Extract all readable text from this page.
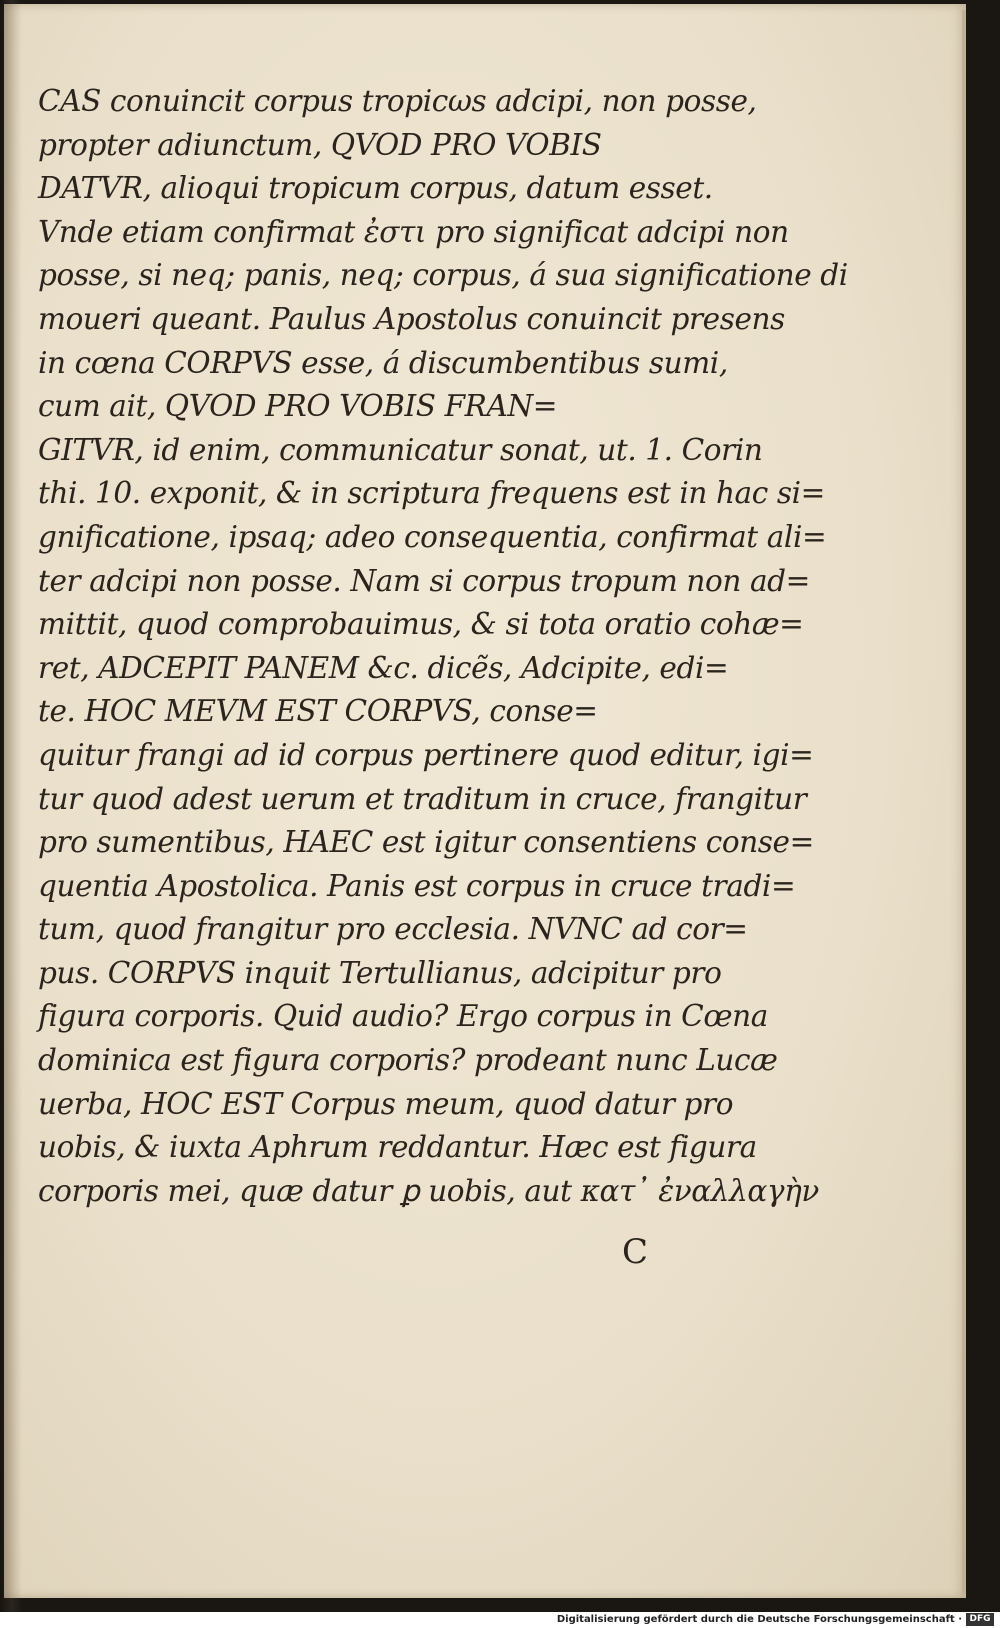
CAS conuincit corpus tropicωs adcipi, non posse,
propter adiunctum, QVOD PRO VOBIS
DATVR, alioqui tropicum corpus, datum esset.
Vnde etiam confirmat ἐστι pro significat adcipi non
posse, si neq; panis, neq; corpus, á sua significatione di
moueri queant. Paulus Apostolus conuincit presens
in cœna CORPVS esse, á discumbentibus sumi,
cum ait, QVOD PRO VOBIS FRAN=
GITVR, id enim, communicatur sonat, ut. 1. Corin
thi. 10. exponit, & in scriptura frequens est in hac si=
gnificatione, ipsaq; adeo consequentia, confirmat ali=
ter adcipi non posse. Nam si corpus tropum non ad=
mittit, quod comprobauimus, & si tota oratio cohæ=
ret, ADCEPIT PANEM &c. dicẽs, Adcipite, edi=
te. HOC MEVM EST CORPVS, conse=
quitur frangi ad id corpus pertinere quod editur, igi=
tur quod adest uerum et traditum in cruce, frangitur
pro sumentibus, HAEC est igitur consentiens conse=
quentia Apostolica. Panis est corpus in cruce tradi=
tum, quod frangitur pro ecclesia. NVNC ad cor=
pus. CORPVS inquit Tertullianus, adcipitur pro
figura corporis. Quid audio? Ergo corpus in Cœna
dominica est figura corporis? prodeant nunc Lucæ
uerba, HOC EST Corpus meum, quod datur pro
uobis, & iuxta Aphrum reddantur. Hæc est figura
corporis mei, quæ datur ꝑ uobis, aut κατ᾽ ἐναλλαγὴν
C
Digitalisierung gefördert durch die Deutsche Forschungsgemeinschaft · DFG
